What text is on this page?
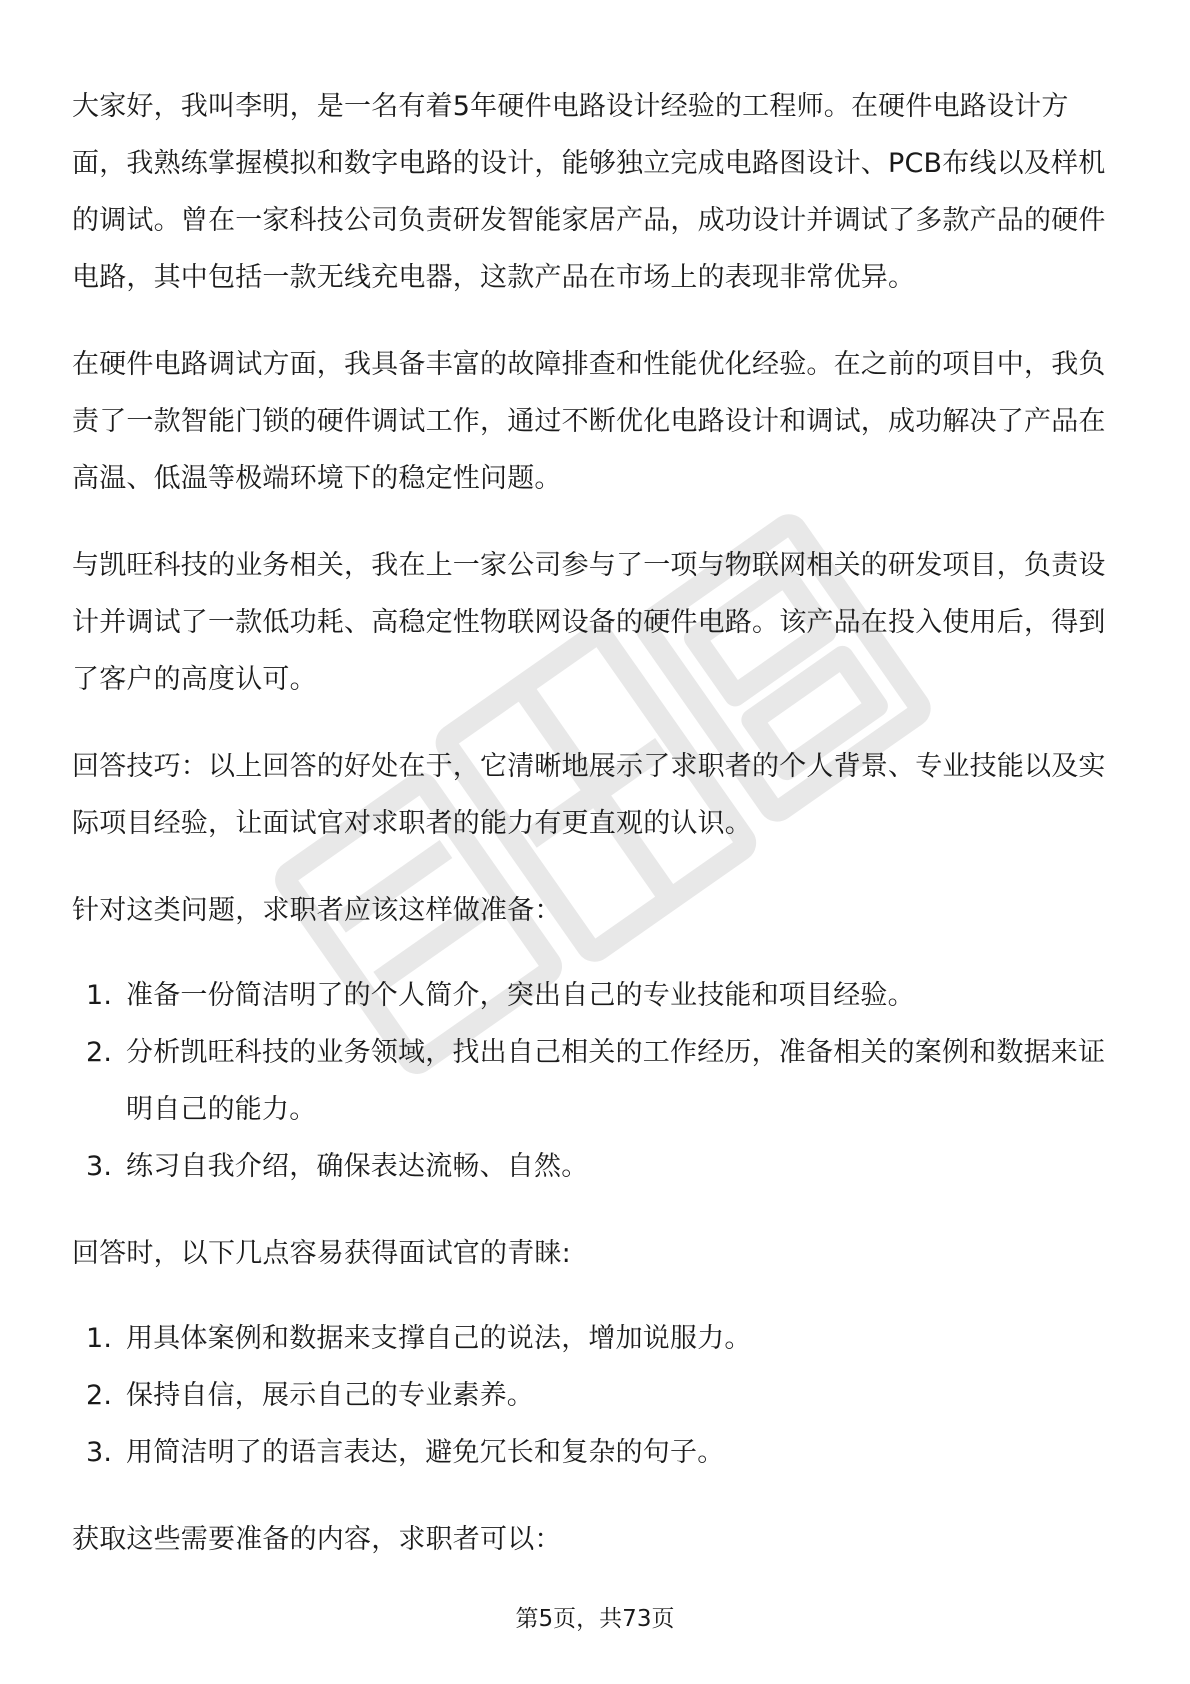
大家好，我叫李明，是一名有着5年硬件电路设计经验的工程师。在硬件电路设计方面，我熟练掌握模拟和数字电路的设计，能够独立完成电路图设计、PCB布线以及样机的调试。曾在一家科技公司负责研发智能家居产品，成功设计并调试了多款产品的硬件电路，其中包括一款无线充电器，这款产品在市场上的表现非常优异。

在硬件电路调试方面，我具备丰富的故障排查和性能优化经验。在之前的项目中，我负责了一款智能门锁的硬件调试工作，通过不断优化电路设计和调试，成功解决了产品在高温、低温等极端环境下的稳定性问题。

与凯旺科技的业务相关，我在上一家公司参与了一项与物联网相关的研发项目，负责设计并调试了一款低功耗、高稳定性物联网设备的硬件电路。该产品在投入使用后，得到了客户的高度认可。

回答技巧：以上回答的好处在于，它清晰地展示了求职者的个人背景、专业技能以及实际项目经验，让面试官对求职者的能力有更直观的认识。

针对这类问题，求职者应该这样做准备：

1. 准备一份简洁明了的个人简介，突出自己的专业技能和项目经验。
2. 分析凯旺科技的业务领域，找出自己相关的工作经历，准备相关的案例和数据来证明自己的能力。
3. 练习自我介绍，确保表达流畅、自然。

回答时，以下几点容易获得面试官的青睐:

1. 用具体案例和数据来支撑自己的说法，增加说服力。
2. 保持自信，展示自己的专业素养。
3. 用简洁明了的语言表达，避免冗长和复杂的句子。

获取这些需要准备的内容，求职者可以：

第5页，共73页
